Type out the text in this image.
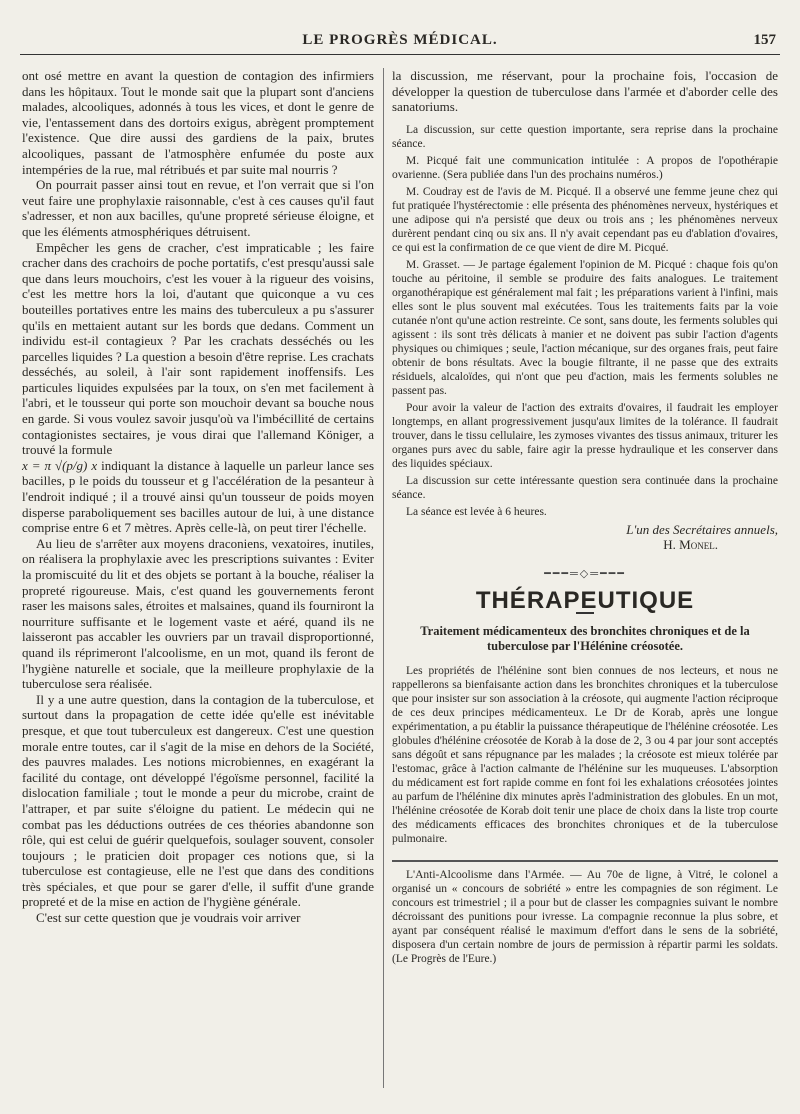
LE PROGRÈS MÉDICAL.	157

ont osé mettre en avant la question de contagion des infirmiers dans les hôpitaux. Tout le monde sait que la plupart sont d'anciens malades, alcooliques, adonnés à tous les vices, et dont le genre de vie, l'entassement dans des dortoirs exigus, abrègent promptement l'existence. Que dire aussi des gardiens de la paix, brutes alcooliques, passant de l'atmosphère enfumée du poste aux intempéries de la rue, mal rétribués et par suite mal nourris ?

On pourrait passer ainsi tout en revue, et l'on verrait que si l'on veut faire une prophylaxie raisonnable, c'est à ces causes qu'il faut s'adresser, et non aux bacilles, qu'une propreté sérieuse éloigne, et que les éléments atmosphériques détruisent.

Empêcher les gens de cracher, c'est impraticable ; les faire cracher dans des crachoirs de poche portatifs, c'est presqu'aussi sale que dans leurs mouchoirs, c'est les vouer à la rigueur des voisins, c'est les mettre hors la loi, d'autant que quiconque a vu ces bouteilles portatives entre les mains des tuberculeux a pu s'assurer qu'ils en mettaient autant sur les bords que dedans. Comment un individu est-il contagieux ? Par les crachats desséchés ou les parcelles liquides ? La question a besoin d'être reprise. Les crachats desséchés, au soleil, à l'air sont rapidement inoffensifs. Les particules liquides expulsées par la toux, on s'en met facilement à l'abri, et le tousseur qui porte son mouchoir devant sa bouche nous en garde. Si vous voulez savoir jusqu'où va l'imbécillité de certains contagionistes sectaires, je vous dirai que l'allemand Königer, a trouvé la formule

x = π √(p/g) x indiquant la distance à laquelle un parleur lance ses bacilles, p le poids du tousseur et g l'accélération de la pesanteur à l'endroit indiqué ; il a trouvé ainsi qu'un tousseur de poids moyen disperse paraboliquement ses bacilles autour de lui, à une distance comprise entre 6 et 7 mètres. Après celle-là, on peut tirer l'échelle.

Au lieu de s'arrêter aux moyens draconiens, vexatoires, inutiles, on réalisera la prophylaxie avec les prescriptions suivantes : Eviter la promiscuité du lit et des objets se portant à la bouche, réaliser la propreté rigoureuse. Mais, c'est quand les gouvernements feront raser les maisons sales, étroites et malsaines, quand ils fourniront la nourriture suffisante et le logement vaste et aéré, quand ils ne laisseront pas accabler les ouvriers par un travail disproportionné, quand ils réprimeront l'alcoolisme, en un mot, quand ils feront de l'hygiène naturelle et sociale, que la meilleure prophylaxie de la tuberculose sera réalisée.

Il y a une autre question, dans la contagion de la tuberculose, et surtout dans la propagation de cette idée qu'elle est inévitable presque, et que tout tuberculeux est dangereux. C'est une question morale entre toutes, car il s'agit de la mise en dehors de la Société, des pauvres malades. Les notions microbiennes, en exagérant la facilité du contage, ont développé l'égoïsme personnel, facilité la dislocation familiale ; tout le monde a peur du microbe, craint de l'attraper, et par suite s'éloigne du patient. Le médecin qui ne combat pas les déductions outrées de ces théories abandonne son rôle, qui est celui de guérir quelquefois, soulager souvent, consoler toujours ; le praticien doit propager ces notions que, si la tuberculose est contagieuse, elle ne l'est que dans des conditions très spéciales, et que pour se garer d'elle, il suffit d'une grande propreté et de la mise en action de l'hygiène générale.

C'est sur cette question que je voudrais voir arriver

la discussion, me réservant, pour la prochaine fois, l'occasion de développer la question de tuberculose dans l'armée et d'aborder celle des sanatoriums.

La discussion, sur cette question importante, sera reprise dans la prochaine séance.

M. Picqué fait une communication intitulée : A propos de l'opothérapie ovarienne. (Sera publiée dans l'un des prochains numéros.)

M. Coudray est de l'avis de M. Picqué. Il a observé une femme jeune chez qui fut pratiquée l'hystérectomie : elle présenta des phénomènes nerveux, hystériques et une adipose qui n'a persisté que deux ou trois ans ; les phénomènes nerveux durèrent pendant cinq ou six ans. Il n'y avait cependant pas eu d'ablation d'ovaires, ce qui est la confirmation de ce que vient de dire M. Picqué.

M. Grasset. — Je partage également l'opinion de M. Picqué : chaque fois qu'on touche au péritoine, il semble se produire des faits analogues. Le traitement organothérapique est généralement mal fait ; les préparations varient à l'infini, mais elles sont le plus souvent mal exécutées. Tous les traitements faits par la voie cutanée n'ont qu'une action restreinte. Ce sont, sans doute, les ferments solubles qui agissent : ils sont très délicats à manier et ne doivent pas subir l'action d'agents physiques ou chimiques ; seule, l'action mécanique, sur des organes frais, peut faire obtenir de bons résultats. Avec la bougie filtrante, il ne passe que des extraits résiduels, alcaloïdes, qui n'ont que peu d'action, mais les ferments solubles ne passent pas.

Pour avoir la valeur de l'action des extraits d'ovaires, il faudrait les employer longtemps, en allant progressivement jusqu'aux limites de la tolérance. Il faudrait trouver, dans le tissu cellulaire, les zymoses vivantes des tissus animaux, triturer les organes purs avec du sable, faire agir la presse hydraulique et les conserver dans des liquides spéciaux.

La discussion sur cette intéressante question sera continuée dans la prochaine séance.

La séance est levée à 6 heures.

L'un des Secrétaires annuels,
H. Monel.
━━━═◇═━━━
THÉRAPEUTIQUE
Traitement médicamenteux des bronchites chroniques et de la tuberculose par l'Hélénine créosotée.

Les propriétés de l'hélénine sont bien connues de nos lecteurs, et nous ne rappellerons sa bienfaisante action dans les bronchites chroniques et la tuberculose que pour insister sur son association à la créosote, qui augmente l'action réciproque de ces deux principes médicamenteux. Le Dr de Korab, après une longue expérimentation, a pu établir la puissance thérapeutique de l'hélénine créosotée. Les globules d'hélénine créosotée de Korab à la dose de 2, 3 ou 4 par jour sont acceptés sans dégoût et sans répugnance par les malades ; la créosote est mieux tolérée par l'estomac, grâce à l'action calmante de l'hélénine sur les muqueuses. L'absorption du médicament est fort rapide comme en font foi les exhalations créosotées jointes au parfum de l'hélénine dix minutes après l'administration des globules. En un mot, l'hélénine créosotée de Korab doit tenir une place de choix dans la liste trop courte des médicaments efficaces des bronchites chroniques et de la tuberculose pulmonaire.

L'Anti-Alcoolisme dans l'Armée. — Au 70e de ligne, à Vitré, le colonel a organisé un « concours de sobriété » entre les compagnies de son régiment. Le concours est trimestriel ; il a pour but de classer les compagnies suivant le nombre décroissant des punitions pour ivresse. La compagnie reconnue la plus sobre, et ayant par conséquent réalisé le maximum d'effort dans le sens de la sobriété, disposera d'un certain nombre de jours de permission à répartir parmi les soldats. (Le Progrès de l'Eure.)
